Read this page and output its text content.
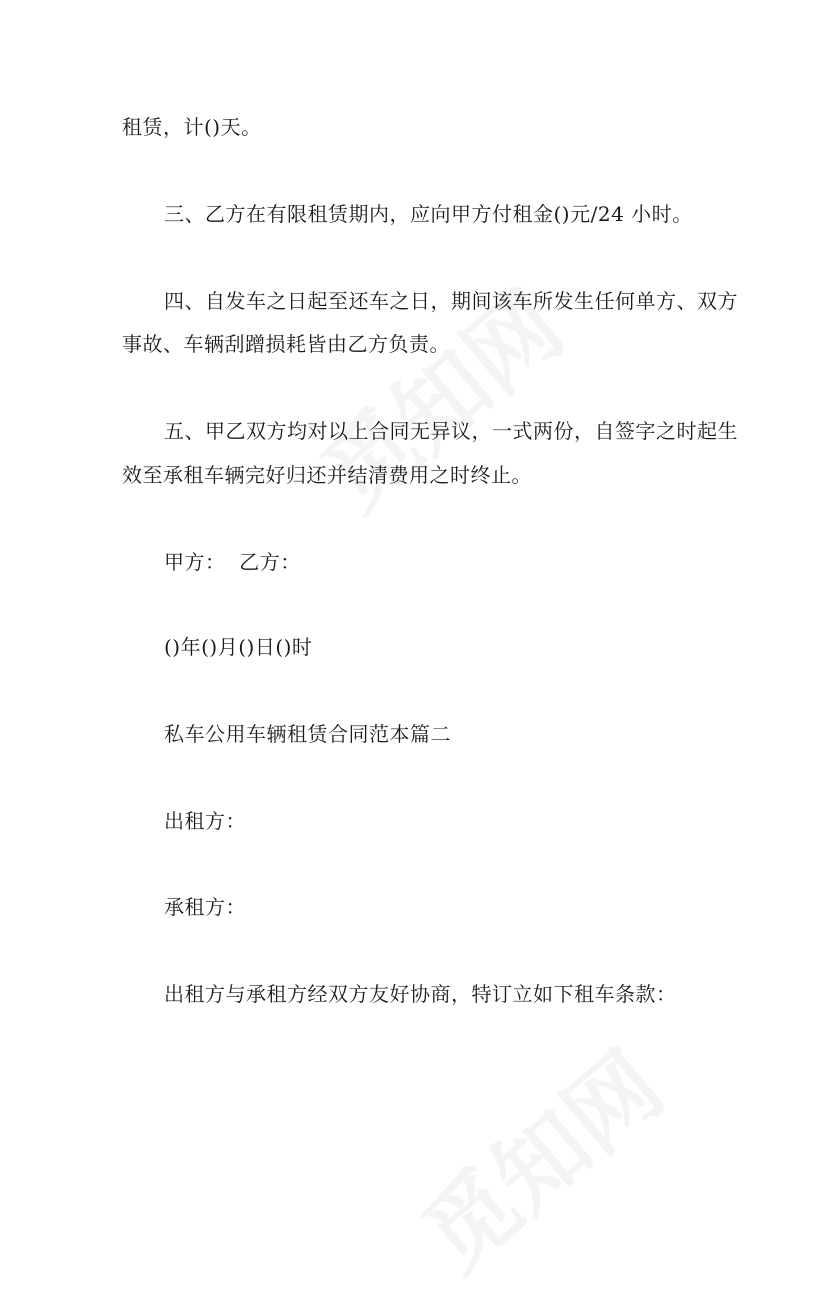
租赁，计()天。
三、乙方在有限租赁期内，应向甲方付租金()元/24 小时。
四、自发车之日起至还车之日，期间该车所发生任何单方、双方
事故、车辆刮蹭损耗皆由乙方负责。
五、甲乙双方均对以上合同无异议，一式两份，自签字之时起生
效至承租车辆完好归还并结清费用之时终止。
甲方：  乙方：
()年()月()日()时
私车公用车辆租赁合同范本篇二
出租方：
承租方：
出租方与承租方经双方友好协商，特订立如下租车条款：
